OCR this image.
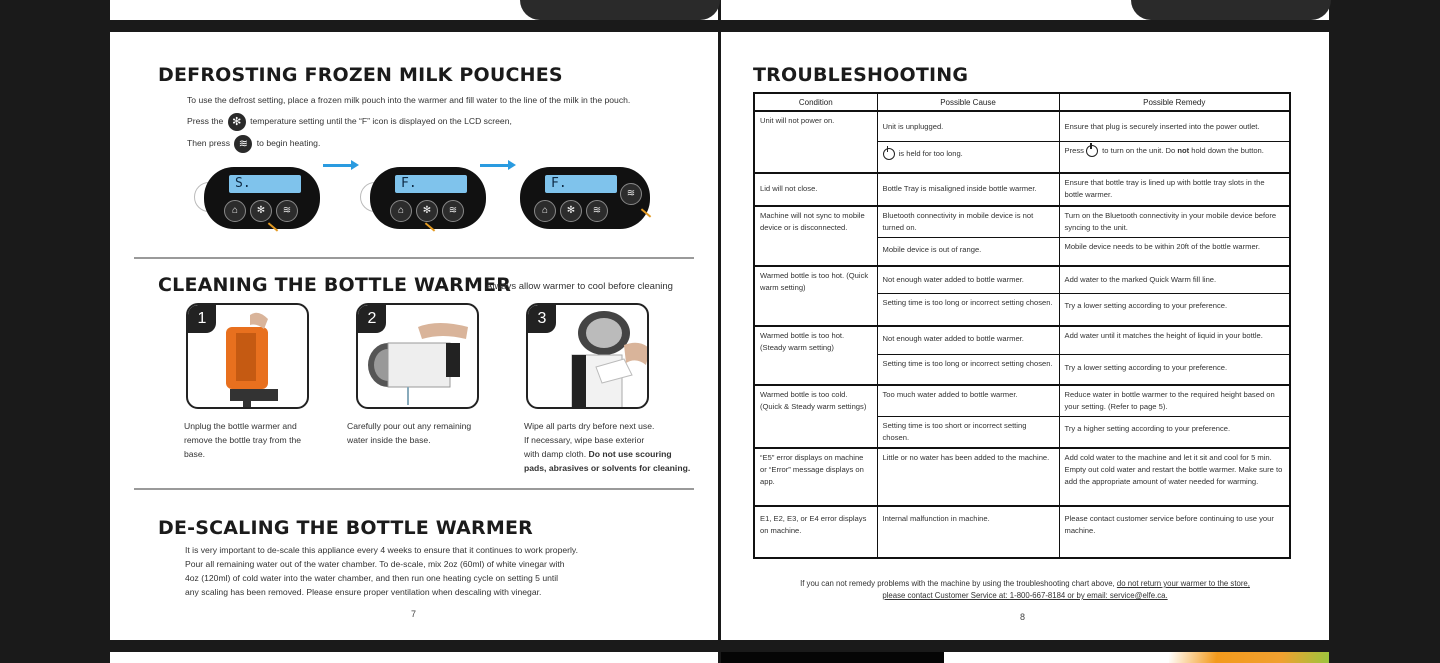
DEFROSTING FROZEN MILK POUCHES
To use the defrost setting, place a frozen milk pouch into the warmer and fill water to the line of the milk in the pouch.
Press the ✻ temperature setting until the “F” icon is displayed on the LCD screen,
Then press ≋ to begin heating.
S.
⌂	✻	≋
F.
⌂	✻	≋
F.
⌂	✻	≋
≋
CLEANING THE BOTTLE WARMER
Always allow warmer to cool before cleaning
1	2	3
Unplug the bottle warmer and
remove the bottle tray from the
base.
Carefully pour out any remaining
water inside the base.
Wipe all parts dry before next use.
If necessary, wipe base exterior
with damp cloth. Do not use scouring
pads, abrasives or solvents for cleaning.
DE-SCALING THE BOTTLE WARMER
It is very important to de-scale this appliance every 4 weeks to ensure that it continues to work properly.
Pour all remaining water out of the water chamber. To de-scale, mix 2oz (60ml) of white vinegar with
4oz (120ml) of cold water into the water chamber, and then run one heating cycle on setting 5 until
any scaling has been removed. Please ensure proper ventilation when descaling with vinegar.
7
TROUBLESHOOTING
Condition	Possible Cause	Possible Remedy
Unit will not power on.	Unit is unplugged.	Ensure that plug is securely inserted into the power outlet.
	is held for too long.	Press to turn on the unit. Do not hold down the button.
Lid will not close.	Bottle Tray is misaligned inside bottle warmer.	Ensure that bottle tray is lined up with bottle tray slots in the bottle warmer.
Machine will not sync to mobile device or is disconnected.	Bluetooth connectivity in mobile device is not turned on.	Turn on the Bluetooth connectivity in your mobile device before syncing to the unit.
	Mobile device is out of range.	Mobile device needs to be within 20ft of the bottle warmer.
Warmed bottle is too hot. (Quick warm setting)	Not enough water added to bottle warmer.	Add water to the marked Quick Warm fill line.
	Setting time is too long or incorrect setting chosen.	Try a lower setting according to your preference.
Warmed bottle is too hot. (Steady warm setting)	Not enough water added to bottle warmer.	Add water until it matches the height of liquid in your bottle.
	Setting time is too long or incorrect setting chosen.	Try a lower setting according to your preference.
Warmed bottle is too cold. (Quick & Steady warm settings)	Too much water added to bottle warmer.	Reduce water in bottle warmer to the required height based on your setting. (Refer to page 5).
	Setting time is too short or incorrect setting chosen.	Try a higher setting according to your preference.
“E5” error displays on machine or “Error” message displays on app.	Little or no water has been added to the machine.	Add cold water to the machine and let it sit and cool for 5 min. Empty out cold water and restart the bottle warmer. Make sure to add the appropriate amount of water needed for warming.
E1, E2, E3, or E4 error displays on machine.	Internal malfunction in machine.	Please contact customer service before continuing to use your machine.
If you can not remedy problems with the machine by using the troubleshooting chart above, do not return your warmer to the store,
please contact Customer Service at: 1-800-667-8184 or by email: service@elfe.ca.
8
